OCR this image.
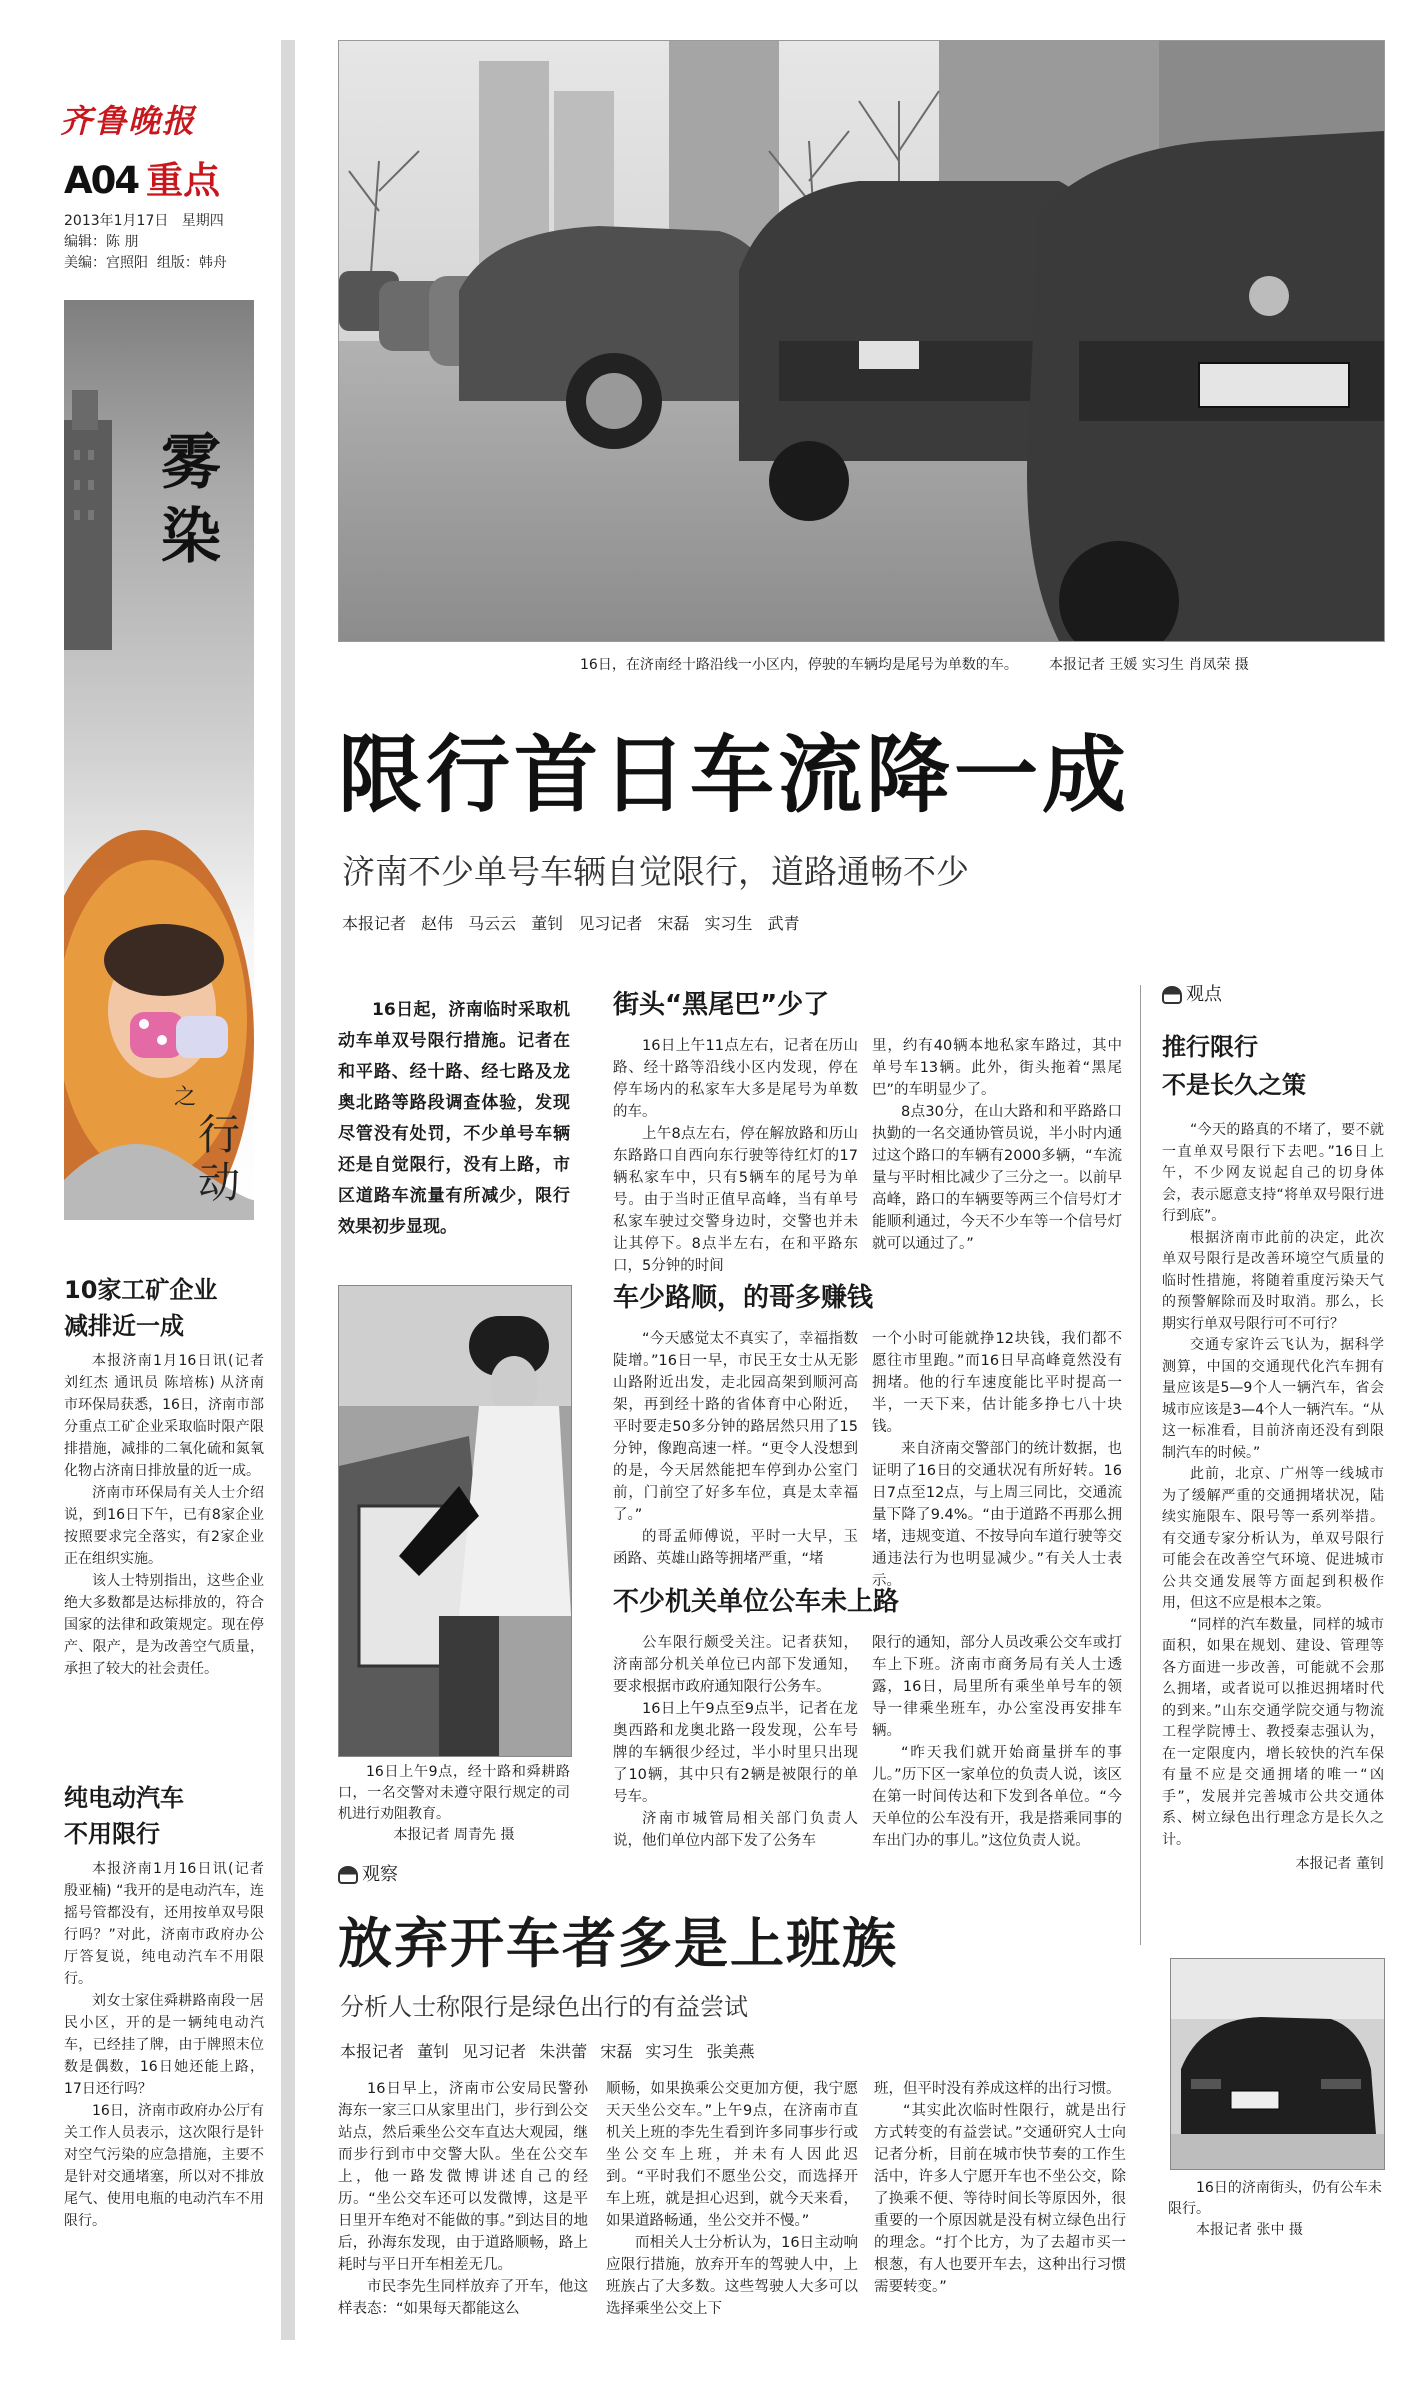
齐鲁晚报
A04 重点
2013年1月17日 星期四
编辑：陈 朋
美编：宫照阳 组版：韩舟
雾
染
之
行
动
10家工矿企业
减排近一成

本报济南1月16日讯(记者 刘红杰 通讯员 陈培栋) 从济南市环保局获悉，16日，济南市部分重点工矿企业采取临时限产限排措施，减排的二氧化硫和氮氧化物占济南日排放量的近一成。

济南市环保局有关人士介绍说，到16日下午，已有8家企业按照要求完全落实，有2家企业正在组织实施。

该人士特别指出，这些企业绝大多数都是达标排放的，符合国家的法律和政策规定。现在停产、限产，是为改善空气质量，承担了较大的社会责任。

纯电动汽车
不用限行

本报济南1月16日讯(记者 殷亚楠) “我开的是电动汽车，连摇号管都没有，还用按单双号限行吗？”对此，济南市政府办公厅答复说，纯电动汽车不用限行。

刘女士家住舜耕路南段一居民小区，开的是一辆纯电动汽车，已经挂了牌，由于牌照末位数是偶数，16日她还能上路，17日还行吗？

16日，济南市政府办公厅有关工作人员表示，这次限行是针对空气污染的应急措施，主要不是针对交通堵塞，所以对不排放尾气、使用电瓶的电动汽车不用限行。

16日，在济南经十路沿线一小区内，停驶的车辆均是尾号为单数的车。 本报记者 王媛 实习生 肖凤荣 摄
限行首日车流降一成
济南不少单号车辆自觉限行，道路通畅不少
本报记者 赵伟 马云云 董钊 见习记者 宋磊 实习生 武青
16日起，济南临时采取机动车单双号限行措施。记者在和平路、经十路、经七路及龙奥北路等路段调查体验，发现尽管没有处罚，不少单号车辆还是自觉限行，没有上路，市区道路车流量有所减少，限行效果初步显现。
16日上午9点，经十路和舜耕路口，一名交警对未遵守限行规定的司机进行劝阻教育。
本报记者 周青先 摄
街头“黑尾巴”少了

16日上午11点左右，记者在历山路、经十路等沿线小区内发现，停在停车场内的私家车大多是尾号为单数的车。

上午8点左右，停在解放路和历山东路路口自西向东行驶等待红灯的17辆私家车中，只有5辆车的尾号为单号。由于当时正值早高峰，当有单号私家车驶过交警身边时，交警也并未让其停下。8点半左右，在和平路东口，5分钟的时间

里，约有40辆本地私家车路过，其中单号车13辆。此外，街头拖着“黑尾巴”的车明显少了。

8点30分，在山大路和和平路路口执勤的一名交通协管员说，半小时内通过这个路口的车辆有2000多辆，“车流量与平时相比减少了三分之一。以前早高峰，路口的车辆要等两三个信号灯才能顺利通过，今天不少车等一个信号灯就可以通过了。”

车少路顺，的哥多赚钱

“今天感觉太不真实了，幸福指数陡增。”16日一早，市民王女士从无影山路附近出发，走北园高架到顺河高架，再到经十路的省体育中心附近，平时要走50多分钟的路居然只用了15分钟，像跑高速一样。“更令人没想到的是，今天居然能把车停到办公室门前，门前空了好多车位，真是太幸福了。”

的哥孟师傅说，平时一大早，玉函路、英雄山路等拥堵严重，“堵

一个小时可能就挣12块钱，我们都不愿往市里跑。”而16日早高峰竟然没有拥堵。他的行车速度能比平时提高一半，一天下来，估计能多挣七八十块钱。

来自济南交警部门的统计数据，也证明了16日的交通状况有所好转。16日7点至12点，与上周三同比，交通流量下降了9.4%。“由于道路不再那么拥堵，违规变道、不按导向车道行驶等交通违法行为也明显减少。”有关人士表示。

不少机关单位公车未上路

公车限行颇受关注。记者获知，济南部分机关单位已内部下发通知，要求根据市政府通知限行公务车。

16日上午9点至9点半，记者在龙奥西路和龙奥北路一段发现，公车号牌的车辆很少经过，半小时里只出现了10辆，其中只有2辆是被限行的单号车。

济南市城管局相关部门负责人说，他们单位内部下发了公务车

限行的通知，部分人员改乘公交车或打车上下班。济南市商务局有关人士透露，16日，局里所有乘坐单号车的领导一律乘坐班车，办公室没再安排车辆。

“昨天我们就开始商量拼车的事儿。”历下区一家单位的负责人说，该区在第一时间传达和下发到各单位。“今天单位的公车没有开，我是搭乘同事的车出门办的事儿。”这位负责人说。

观点
推行限行
不是长久之策

“今天的路真的不堵了，要不就一直单双号限行下去吧。”16日上午，不少网友说起自己的切身体会，表示愿意支持“将单双号限行进行到底”。

根据济南市此前的决定，此次单双号限行是改善环境空气质量的临时性措施，将随着重度污染天气的预警解除而及时取消。那么，长期实行单双号限行可不可行？

交通专家许云飞认为，据科学测算，中国的交通现代化汽车拥有量应该是5—9个人一辆汽车，省会城市应该是3—4个人一辆汽车。“从这一标准看，目前济南还没有到限制汽车的时候。”

此前，北京、广州等一线城市为了缓解严重的交通拥堵状况，陆续实施限车、限号等一系列举措。有交通专家分析认为，单双号限行可能会在改善空气环境、促进城市公共交通发展等方面起到积极作用，但这不应是根本之策。

“同样的汽车数量，同样的城市面积，如果在规划、建设、管理等各方面进一步改善，可能就不会那么拥堵，或者说可以推迟拥堵时代的到来。”山东交通学院交通与物流工程学院博士、教授秦志强认为，在一定限度内，增长较快的汽车保有量不应是交通拥堵的唯一“凶手”，发展并完善城市公共交通体系、树立绿色出行理念方是长久之计。

本报记者 董钊
16日的济南街头，仍有公车未限行。
本报记者 张中 摄
观察
放弃开车者多是上班族
分析人士称限行是绿色出行的有益尝试
本报记者 董钊 见习记者 朱洪蕾 宋磊 实习生 张美燕

16日早上，济南市公安局民警孙海东一家三口从家里出门，步行到公交站点，然后乘坐公交车直达大观园，继而步行到市中交警大队。坐在公交车上，他一路发微博讲述自己的经历。“坐公交车还可以发微博，这是平日里开车绝对不能做的事。”到达目的地后，孙海东发现，由于道路顺畅，路上耗时与平日开车相差无几。

市民李先生同样放弃了开车，他这样表态：“如果每天都能这么

顺畅，如果换乘公交更加方便，我宁愿天天坐公交车。”上午9点，在济南市直机关上班的李先生看到许多同事步行或坐公交车上班，并未有人因此迟到。“平时我们不愿坐公交，而选择开车上班，就是担心迟到，就今天来看，如果道路畅通，坐公交并不慢。”

而相关人士分析认为，16日主动响应限行措施，放弃开车的驾驶人中，上班族占了大多数。这些驾驶人大多可以选择乘坐公交上下

班，但平时没有养成这样的出行习惯。

“其实此次临时性限行，就是出行方式转变的有益尝试。”交通研究人士向记者分析，目前在城市快节奏的工作生活中，许多人宁愿开车也不坐公交，除了换乘不便、等待时间长等原因外，很重要的一个原因就是没有树立绿色出行的理念。“打个比方，为了去超市买一根葱，有人也要开车去，这种出行习惯需要转变。”
